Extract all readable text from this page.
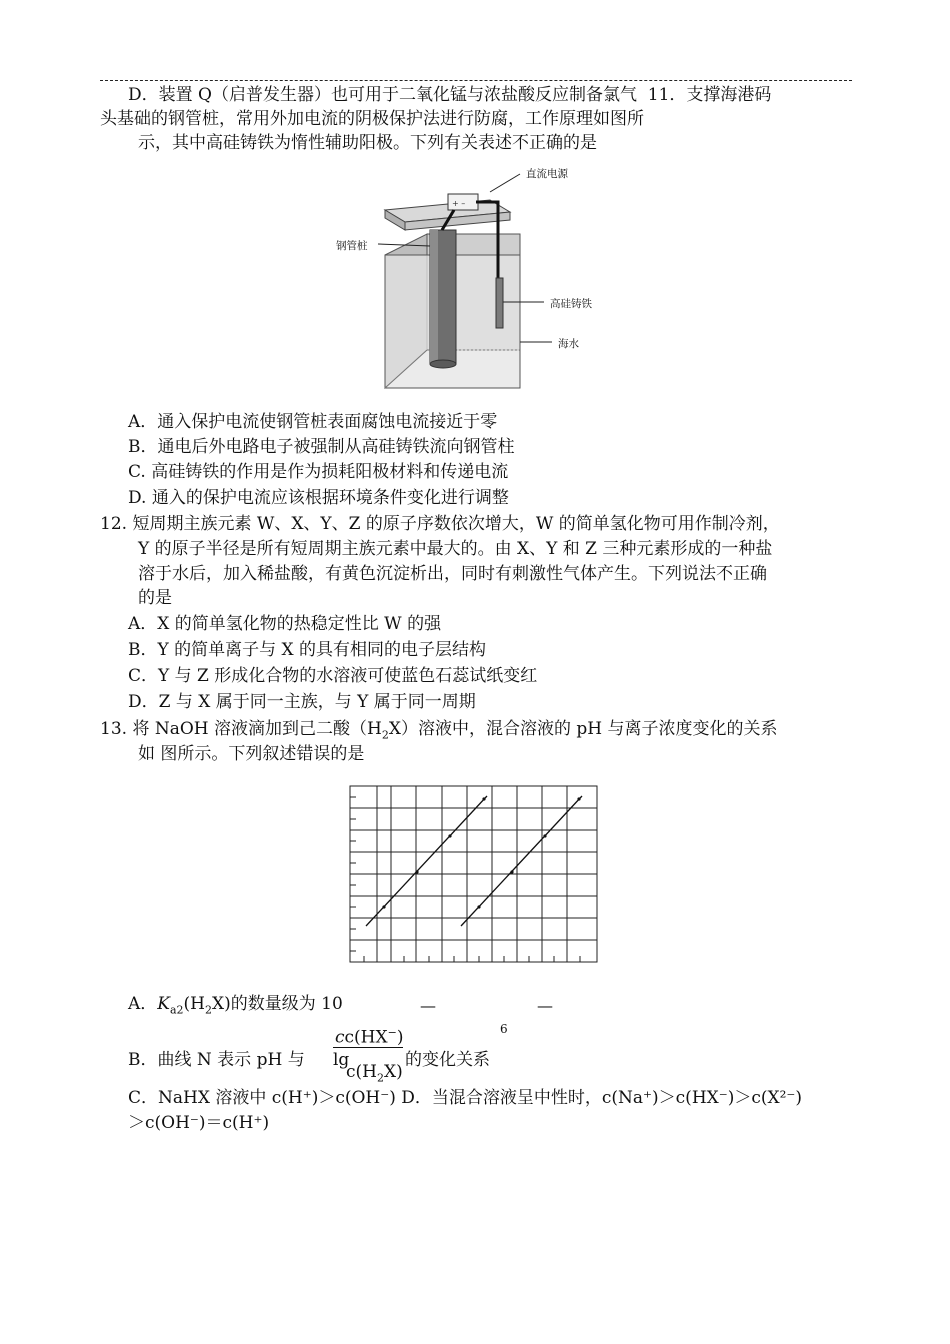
D．装置 Q（启普发生器）也可用于二氧化锰与浓盐酸反应制备氯气 11．支撑海港码
头基础的钢管桩，常用外加电流的阴极保护法进行防腐，工作原理如图所
示，其中高硅铸铁为惰性辅助阳极。下列有关表述不正确的是
+ –
直流电源
钢管桩
高硅铸铁
海水
A．通入保护电流使钢管桩表面腐蚀电流接近于零
B．通电后外电路电子被强制从高硅铸铁流向钢管柱
C. 高硅铸铁的作用是作为损耗阳极材料和传递电流
D. 通入的保护电流应该根据环境条件变化进行调整
12. 短周期主族元素 W、X、Y、Z 的原子序数依次增大，W 的简单氢化物可用作制冷剂，
Y 的原子半径是所有短周期主族元素中最大的。由 X、Y 和 Z 三种元素形成的一种盐
溶于水后，加入稀盐酸，有黄色沉淀析出，同时有刺激性气体产生。下列说法不正确
的是
A．X 的简单氢化物的热稳定性比 W 的强
B．Y 的简单离子与 X 的具有相同的电子层结构
C．Y 与 Z 形成化合物的水溶液可使蓝色石蕊试纸变红
D．Z 与 X 属于同一主族，与 Y 属于同一周期
13. 将 NaOH 溶液滴加到己二酸$(H_2X)$溶液中，混合溶液的 pH 与离子浓度变化的关系
如 图所示。下列叙述错误的是
A．$K_{a2}(H_2X)$的数量级为 10	—	—
6
B．曲线 N 表示 pH 与
cc(HX−)
lg
$c(H_2X)$
的变化关系
C．NaHX 溶液中 c(H⁺)＞c(OH⁻) D．当混合溶液呈中性时，c(Na⁺)＞c(HX⁻)＞c(X²⁻)
＞c(OH⁻)＝c(H⁺)
